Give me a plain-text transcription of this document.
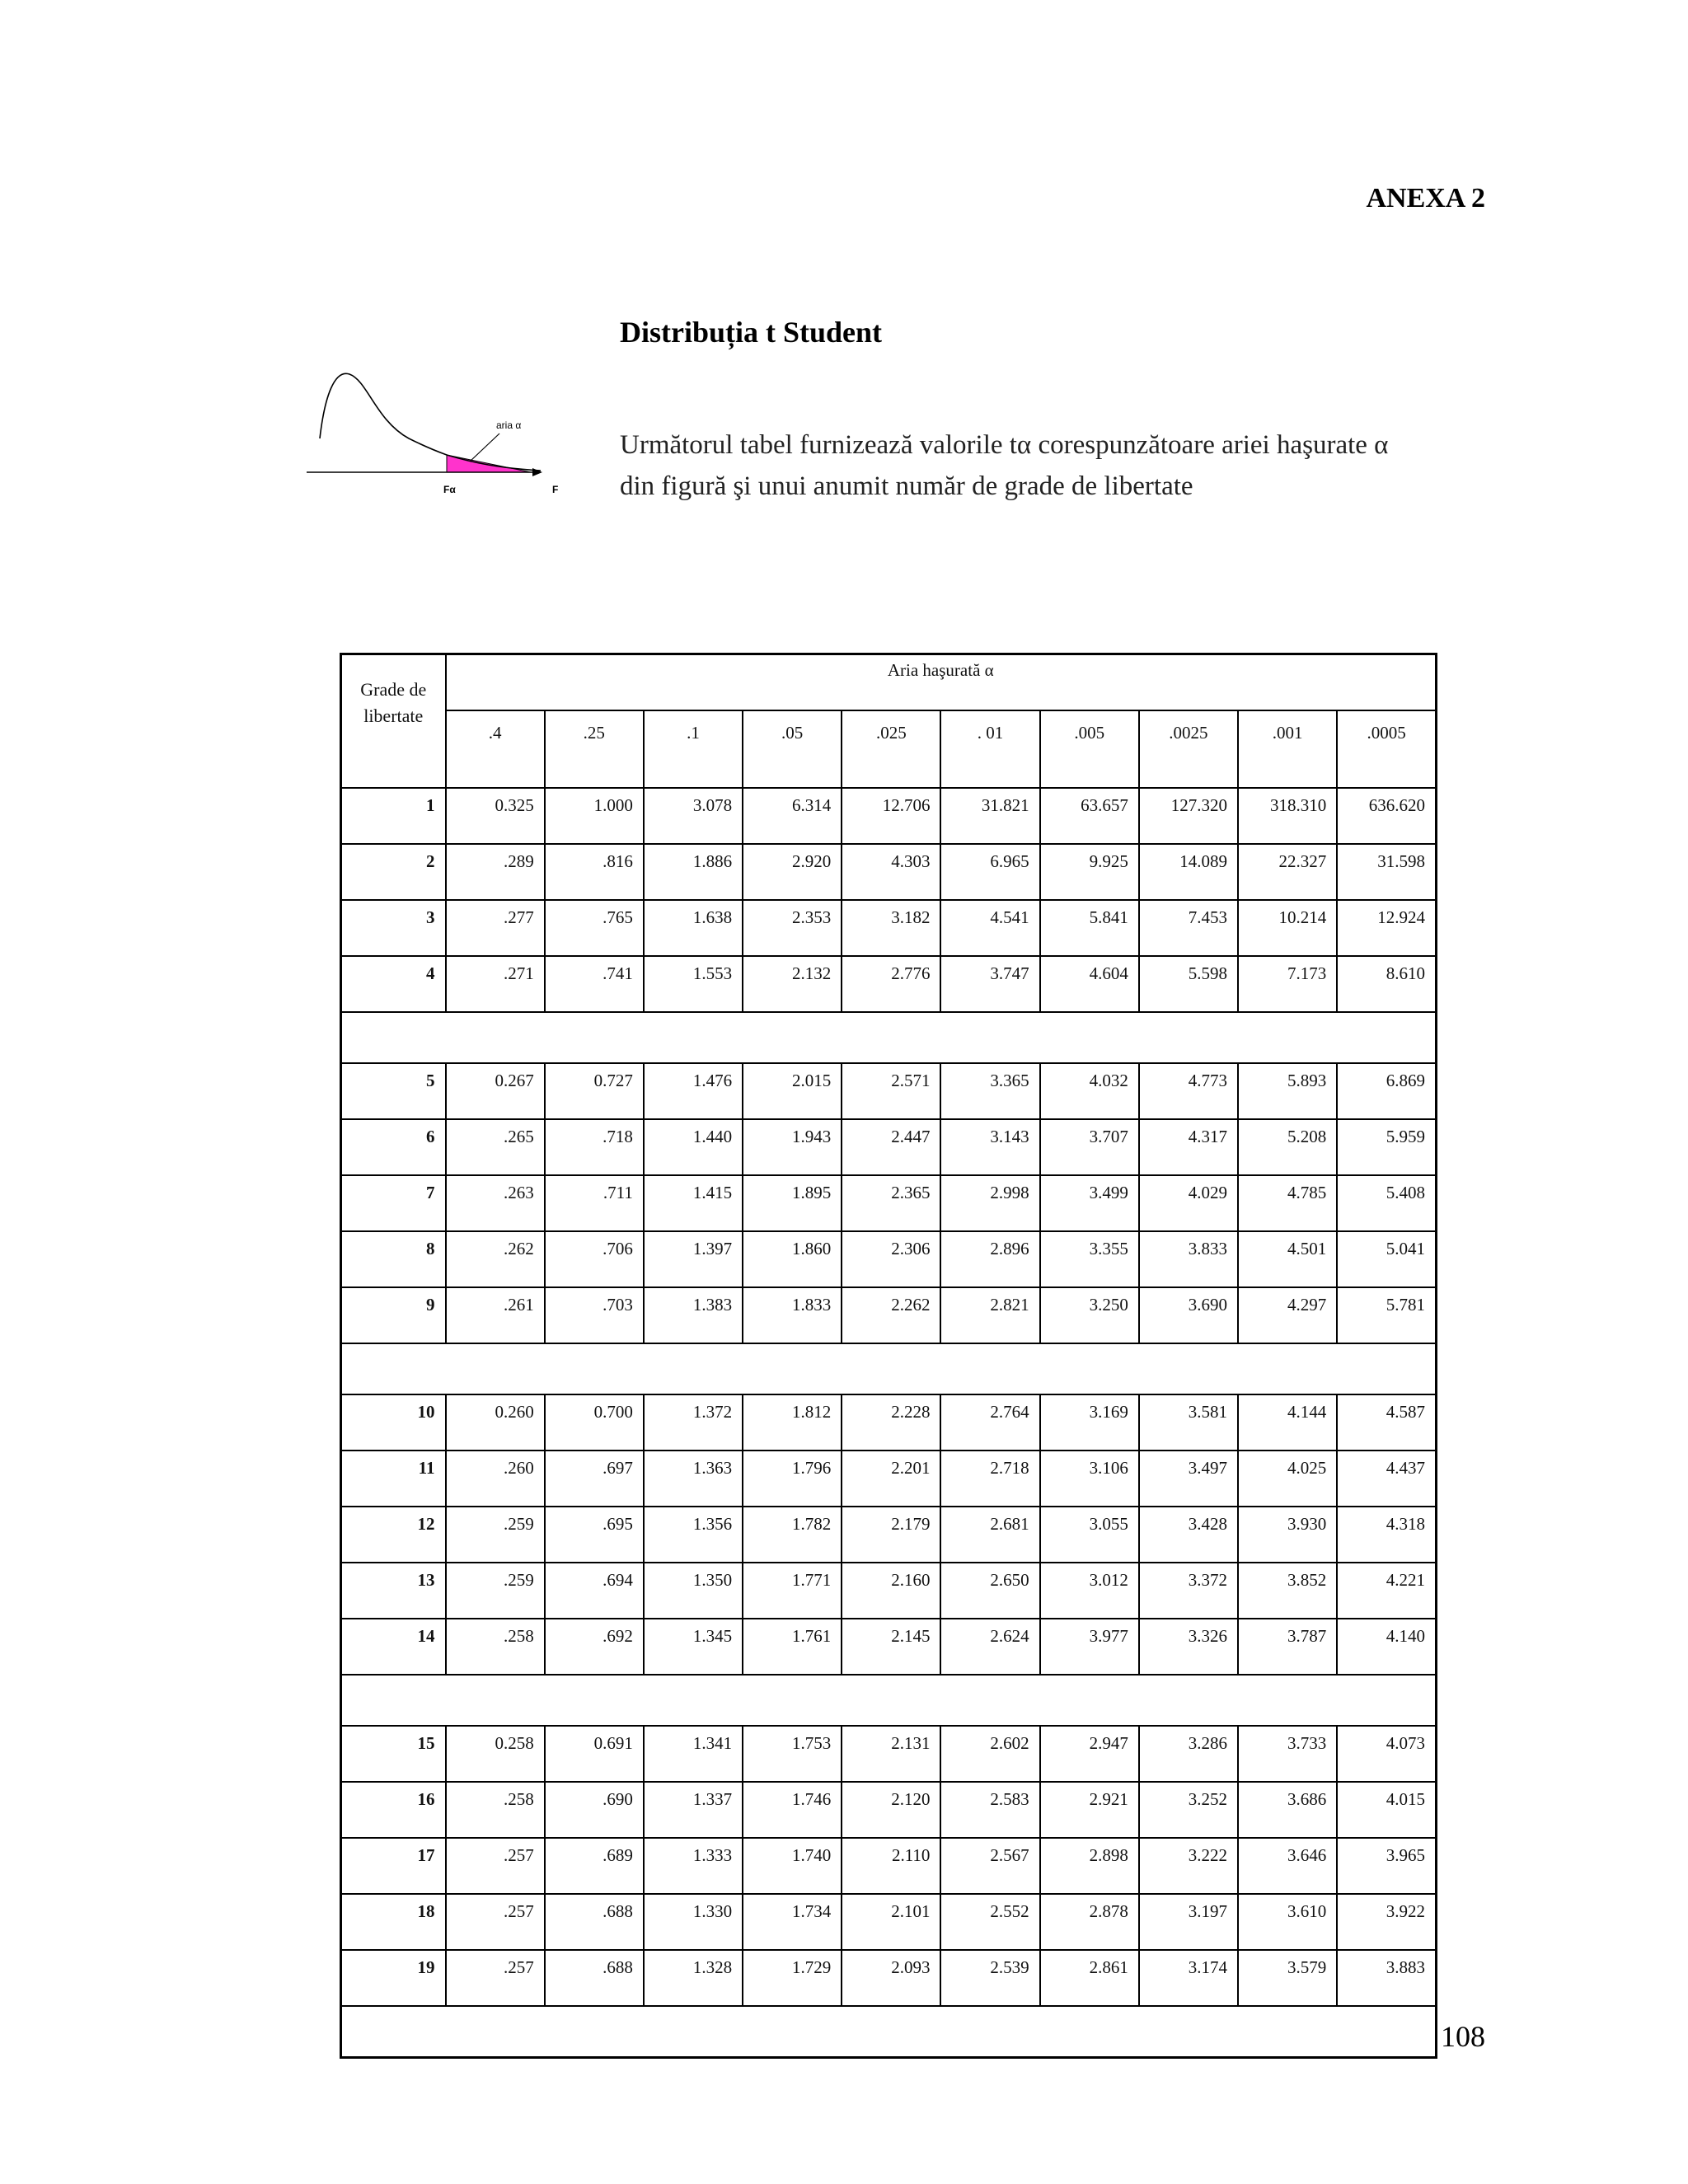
ANEXA 2
Distribuția t Student
aria α
Fα	F
Următorul tabel furnizează valorile tα corespunzătoare ariei haşurate α
din figură şi unui anumit număr de grade de libertate
Grade de
libertate	Aria haşurată α									
	.4	.25	.1	.05	.025	. 01	.005	.0025	.001	.0005
1	0.325	1.000	3.078	6.314	12.706	31.821	63.657	127.320	318.310	636.620
2	.289	.816	1.886	2.920	4.303	6.965	9.925	14.089	22.327	31.598
3	.277	.765	1.638	2.353	3.182	4.541	5.841	7.453	10.214	12.924
4	.271	.741	1.553	2.132	2.776	3.747	4.604	5.598	7.173	8.610

5	0.267	0.727	1.476	2.015	2.571	3.365	4.032	4.773	5.893	6.869
6	.265	.718	1.440	1.943	2.447	3.143	3.707	4.317	5.208	5.959
7	.263	.711	1.415	1.895	2.365	2.998	3.499	4.029	4.785	5.408
8	.262	.706	1.397	1.860	2.306	2.896	3.355	3.833	4.501	5.041
9	.261	.703	1.383	1.833	2.262	2.821	3.250	3.690	4.297	5.781

10	0.260	0.700	1.372	1.812	2.228	2.764	3.169	3.581	4.144	4.587
11	.260	.697	1.363	1.796	2.201	2.718	3.106	3.497	4.025	4.437
12	.259	.695	1.356	1.782	2.179	2.681	3.055	3.428	3.930	4.318
13	.259	.694	1.350	1.771	2.160	2.650	3.012	3.372	3.852	4.221
14	.258	.692	1.345	1.761	2.145	2.624	3.977	3.326	3.787	4.140

15	0.258	0.691	1.341	1.753	2.131	2.602	2.947	3.286	3.733	4.073
16	.258	.690	1.337	1.746	2.120	2.583	2.921	3.252	3.686	4.015
17	.257	.689	1.333	1.740	2.110	2.567	2.898	3.222	3.646	3.965
18	.257	.688	1.330	1.734	2.101	2.552	2.878	3.197	3.610	3.922
19	.257	.688	1.328	1.729	2.093	2.539	2.861	3.174	3.579	3.883

108
